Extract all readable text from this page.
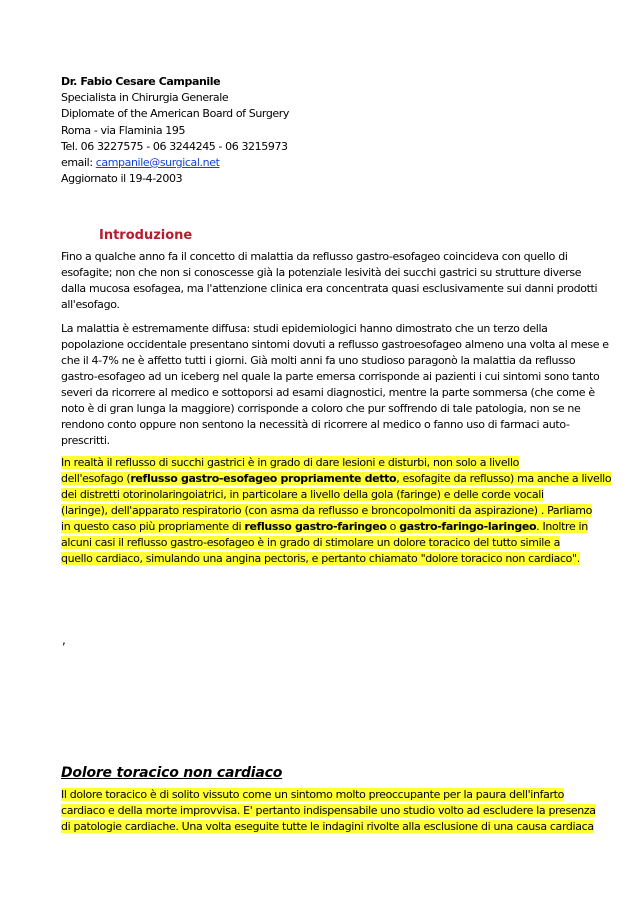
Dr. Fabio Cesare Campanile
Specialista in Chirurgia Generale
Diplomate of the American Board of Surgery
Roma - via Flaminia 195
Tel. 06 3227575 - 06 3244245 - 06 3215973
email: campanile@surgical.net
Aggiornato il 19-4-2003
Introduzione
Fino a qualche anno fa il concetto di malattia da reflusso gastro-esofageo coincideva con quello di
esofagite; non che non si conoscesse già la potenziale lesività dei succhi gastrici su strutture diverse
dalla mucosa esofagea, ma l'attenzione clinica era concentrata quasi esclusivamente sui danni prodotti
all'esofago.
La malattia è estremamente diffusa: studi epidemiologici hanno dimostrato che un terzo della
popolazione occidentale presentano sintomi dovuti a reflusso gastroesofageo almeno una volta al mese e
che il 4-7% ne è affetto tutti i giorni. Già molti anni fa uno studioso paragonò la malattia da reflusso
gastro-esofageo ad un iceberg nel quale la parte emersa corrisponde ai pazienti i cui sintomi sono tanto
severi da ricorrere al medico e sottoporsi ad esami diagnostici, mentre la parte sommersa (che come è
noto è di gran lunga la maggiore) corrisponde a coloro che pur soffrendo di tale patologia, non se ne
rendono conto oppure non sentono la necessità di ricorrere al medico o fanno uso di farmaci auto-
prescritti.
In realtà il reflusso di succhi gastrici è in grado di dare lesioni e disturbi, non solo a livello
dell'esofago (reflusso gastro-esofageo propriamente detto, esofagite da reflusso) ma anche a livello
dei distretti otorinolaringoiatrici, in particolare a livello della gola (faringe) e delle corde vocali
(laringe), dell'apparato respiratorio (con asma da reflusso e broncopolmoniti da aspirazione) . Parliamo
in questo caso più propriamente di reflusso gastro-faringeo o gastro-faringo-laringeo. Inoltre in
alcuni casi il reflusso gastro-esofageo è in grado di stimolare un dolore toracico del tutto simile a
quello cardiaco, simulando una angina pectoris, e pertanto chiamato "dolore toracico non cardiaco".
,
Dolore toracico non cardiaco
Il dolore toracico è di solito vissuto come un sintomo molto preoccupante per la paura dell'infarto
cardiaco e della morte improvvisa. E' pertanto indispensabile uno studio volto ad escludere la presenza
di patologie cardiache. Una volta eseguite tutte le indagini rivolte alla esclusione di una causa cardiaca
